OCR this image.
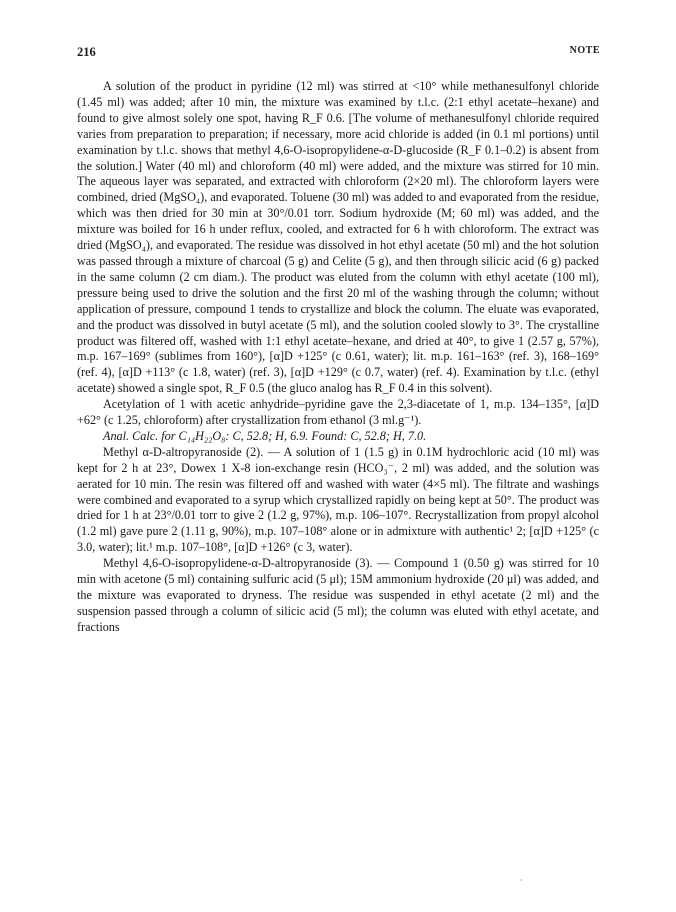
216	NOTE

A solution of the product in pyridine (12 ml) was stirred at <10° while methanesulfonyl chloride (1.45 ml) was added; after 10 min, the mixture was examined by t.l.c. (2:1 ethyl acetate–hexane) and found to give almost solely one spot, having R_F 0.6. [The volume of methanesulfonyl chloride required varies from preparation to preparation; if necessary, more acid chloride is added (in 0.1 ml portions) until examination by t.l.c. shows that methyl 4,6-O-isopropylidene-α-D-glucoside (R_F 0.1–0.2) is absent from the solution.] Water (40 ml) and chloroform (40 ml) were added, and the mixture was stirred for 10 min. The aqueous layer was separated, and extracted with chloroform (2×20 ml). The chloroform layers were combined, dried (MgSO₄), and evaporated. Toluene (30 ml) was added to and evaporated from the residue, which was then dried for 30 min at 30°/0.01 torr. Sodium hydroxide (M; 60 ml) was added, and the mixture was boiled for 16 h under reflux, cooled, and extracted for 6 h with chloroform. The extract was dried (MgSO₄), and evaporated. The residue was dissolved in hot ethyl acetate (50 ml) and the hot solution was passed through a mixture of charcoal (5 g) and Celite (5 g), and then through silicic acid (6 g) packed in the same column (2 cm diam.). The product was eluted from the column with ethyl acetate (100 ml), pressure being used to drive the solution and the first 20 ml of the washing through the column; without application of pressure, compound 1 tends to crystallize and block the column. The eluate was evaporated, and the product was dissolved in butyl acetate (5 ml), and the solution cooled slowly to 3°. The crystalline product was filtered off, washed with 1:1 ethyl acetate–hexane, and dried at 40°, to give 1 (2.57 g, 57%), m.p. 167–169° (sublimes from 160°), [α]D +125° (c 0.61, water); lit. m.p. 161–163° (ref. 3), 168–169° (ref. 4), [α]D +113° (c 1.8, water) (ref. 3), [α]D +129° (c 0.7, water) (ref. 4). Examination by t.l.c. (ethyl acetate) showed a single spot, R_F 0.5 (the gluco analog has R_F 0.4 in this solvent).

Acetylation of 1 with acetic anhydride–pyridine gave the 2,3-diacetate of 1, m.p. 134–135°, [α]D +62° (c 1.25, chloroform) after crystallization from ethanol (3 ml.g⁻¹).

Anal. Calc. for C₁₄H₂₂O₈: C, 52.8; H, 6.9. Found: C, 52.8; H, 7.0.

Methyl α-D-altropyranoside (2). — A solution of 1 (1.5 g) in 0.1M hydrochloric acid (10 ml) was kept for 2 h at 23°, Dowex 1 X-8 ion-exchange resin (HCO₃⁻, 2 ml) was added, and the solution was aerated for 10 min. The resin was filtered off and washed with water (4×5 ml). The filtrate and washings were combined and evaporated to a syrup which crystallized rapidly on being kept at 50°. The product was dried for 1 h at 23°/0.01 torr to give 2 (1.2 g, 97%), m.p. 106–107°. Recrystallization from propyl alcohol (1.2 ml) gave pure 2 (1.11 g, 90%), m.p. 107–108° alone or in admixture with authentic¹ 2; [α]D +125° (c 3.0, water); lit.¹ m.p. 107–108°, [α]D +126° (c 3, water).

Methyl 4,6-O-isopropylidene-α-D-altropyranoside (3). — Compound 1 (0.50 g) was stirred for 10 min with acetone (5 ml) containing sulfuric acid (5 μl); 15M ammonium hydroxide (20 μl) was added, and the mixture was evaporated to dryness. The residue was suspended in ethyl acetate (2 ml) and the suspension passed through a column of silicic acid (5 ml); the column was eluted with ethyl acetate, and fractions

·
